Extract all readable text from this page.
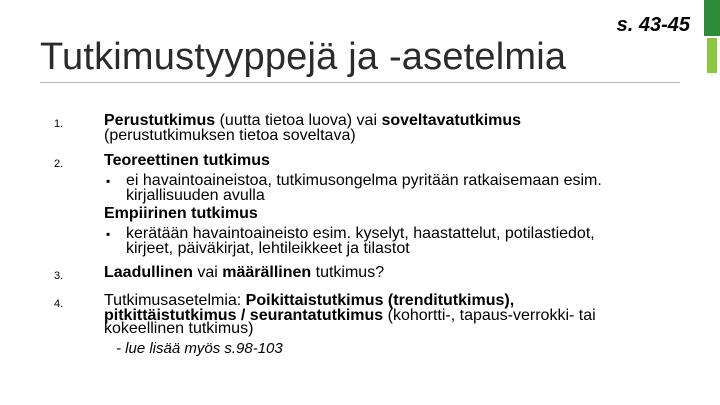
s. 43-45
Tutkimustyyppejä ja -asetelmia
1.	Perustutkimus (uutta tietoa luova) vai soveltavatutkimus
(perustutkimuksen tietoa soveltava)
2.	Teoreettinen tutkimus
▪ ei havaintoaineistoa, tutkimusongelma pyritään ratkaisemaan esim.
kirjallisuuden avulla
Empiirinen tutkimus
▪ kerätään havaintoaineisto esim. kyselyt, haastattelut, potilastiedot,
kirjeet, päiväkirjat, lehtileikkeet ja tilastot
3.	Laadullinen vai määrällinen tutkimus?
4.	Tutkimusasetelmia: Poikittaistutkimus (trenditutkimus),
pitkittäistutkimus / seurantatutkimus (kohortti-, tapaus-verrokki- tai
kokeellinen tutkimus)
- lue lisää myös s.98-103
